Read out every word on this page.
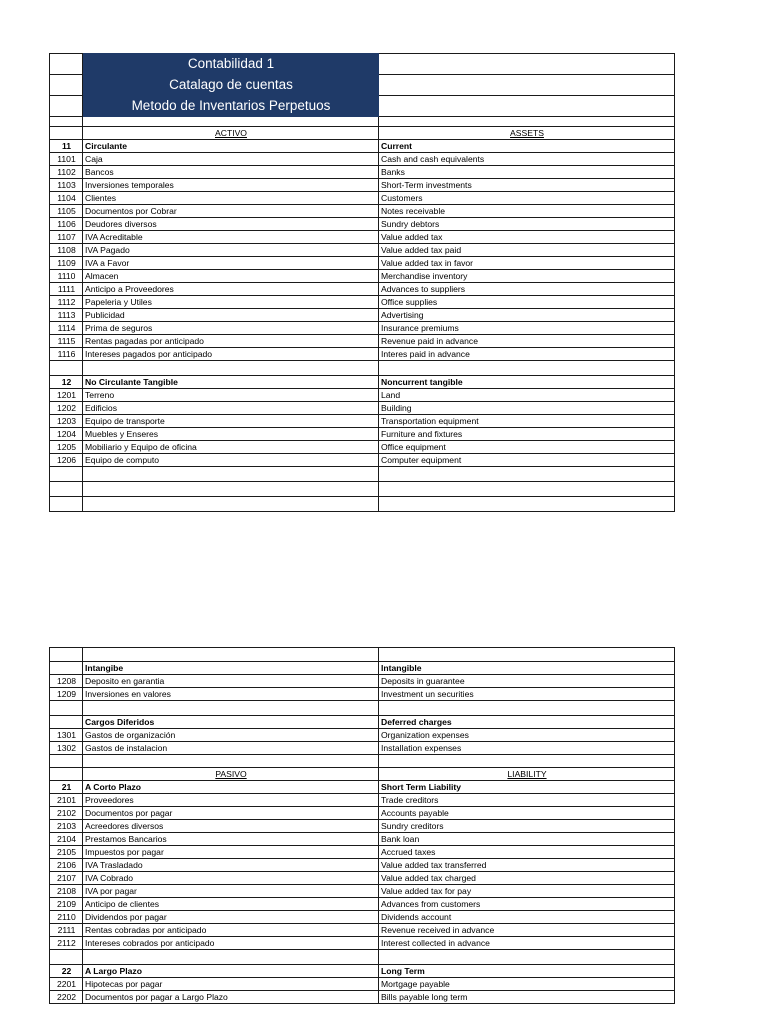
	Contabilidad 1	
	Catalago de cuentas	
	Metodo de Inventarios Perpetuos	

	ACTIVO	ASSETS
11	Circulante	Current
1101	Caja	Cash and cash equivalents
1102	Bancos	Banks
1103	Inversiones temporales	Short-Term investments
1104	Clientes	Customers
1105	Documentos por Cobrar	Notes receivable
1106	Deudores diversos	Sundry debtors
1107	IVA Acreditable	Value added tax
1108	IVA Pagado	Value added tax paid
1109	IVA a Favor	Value added tax in favor
1110	Almacen	Merchandise inventory
1111	Anticipo a Proveedores	Advances to suppliers
1112	Papeleria y Utiles	Office supplies
1113	Publicidad	Advertising
1114	Prima de seguros	Insurance premiums
1115	Rentas pagadas por anticipado	Revenue paid in advance
1116	Intereses pagados por anticipado	Interes paid in advance

12	No Circulante Tangible	Noncurrent tangible
1201	Terreno	Land
1202	Edificios	Building
1203	Equipo de transporte	Transportation equipment
1204	Muebles y Enseres	Furniture and fixtures
1205	Mobiliario y Equipo de oficina	Office equipment
1206	Equipo de computo	Computer equipment

	Intangibe	Intangible
1208	Deposito en garantia	Deposits in guarantee
1209	Inversiones en valores	Investment un securities

	Cargos Diferidos	Deferred charges
1301	Gastos de organización	Organization expenses
1302	Gastos de instalacion	Installation expenses

	PASIVO	LIABILITY
21	A Corto Plazo	Short Term Liability
2101	Proveedores	Trade creditors
2102	Documentos por pagar	Accounts payable
2103	Acreedores diversos	Sundry creditors
2104	Prestamos Bancarios	Bank loan
2105	Impuestos por pagar	Accrued taxes
2106	IVA Trasladado	Value added tax transferred
2107	IVA Cobrado	Value added tax charged
2108	IVA por pagar	Value added tax for pay
2109	Anticipo de clientes	Advances from customers
2110	Dividendos por pagar	Dividends account
2111	Rentas cobradas por anticipado	Revenue received in advance
2112	Intereses cobrados por anticipado	Interest collected in advance

22	A Largo Plazo	Long Term
2201	Hipotecas por pagar	Mortgage payable
2202	Documentos por pagar a Largo Plazo	Bills payable long term
